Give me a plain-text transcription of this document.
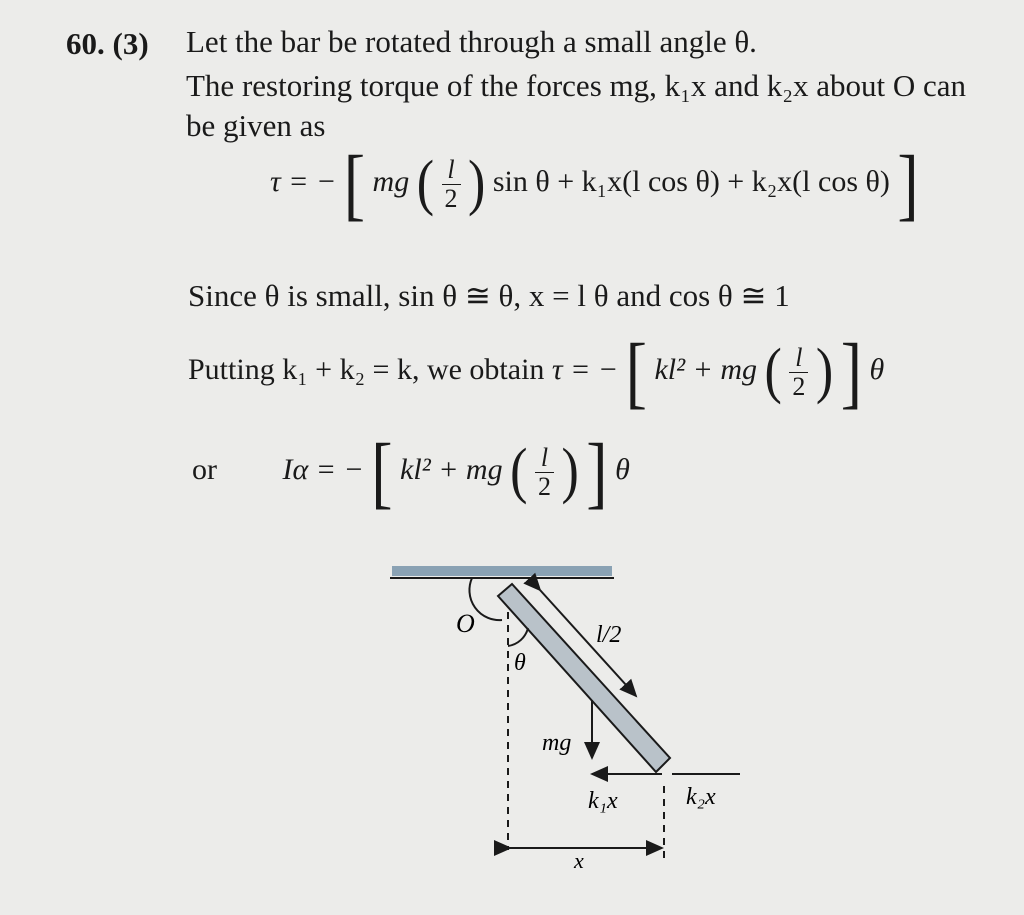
60. (3) Let the bar be rotated through a small angle θ.
The restoring torque of the forces mg, k₁x and k₂x about O can
be given as
τ = − [ mg ( $\frac{l}{2}$ ) sin θ + k₁x(l cos θ) + k₂x(l cos θ) ]
Since θ is small, sin θ ≅ θ, x = l θ and cos θ ≅ 1
Putting k₁ + k₂ = k, we obtain τ = − [ kl² + mg ( $\frac{l}{2}$ ) ] θ
or Iα = − [ kl² + mg ( $\frac{l}{2}$ ) ] θ
O
θ
l/2
mg
k₁x	k₂x
x
